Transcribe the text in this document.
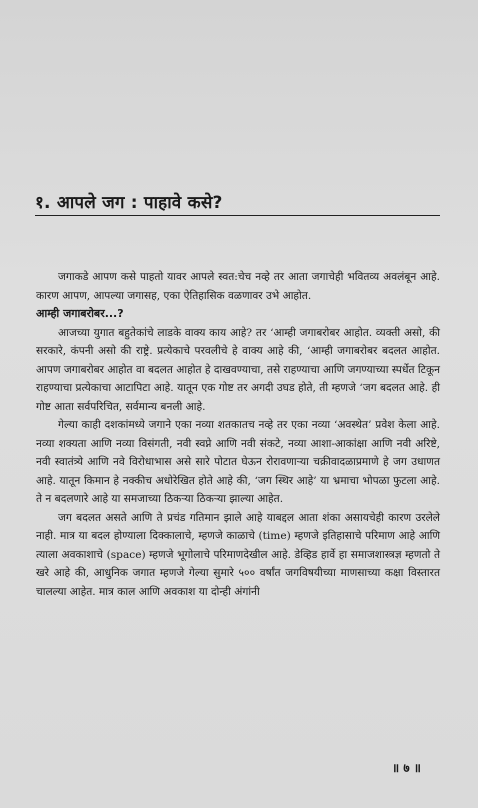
१. आपले जग : पाहावे कसे?

जगाकडे आपण कसे पाहतो यावर आपले स्वत:चेच नव्हे तर आता जगाचेही भवितव्य अवलंबून आहे. कारण आपण, आपल्या जगासह, एका ऐतिहासिक वळणावर उभे आहोत.

आम्ही जगाबरोबर...?

आजच्या युगात बहुतेकांचे लाडके वाक्य काय आहे? तर ‘आम्ही जगाबरोबर आहोत. व्यक्ती असो, की सरकारे, कंपनी असो की राष्ट्रे. प्रत्येकाचे परवलीचे हे वाक्य आहे की, ‘आम्ही जगाबरोबर बदलत आहोत. आपण जगाबरोबर आहोत वा बदलत आहोत हे दाखवण्याचा, तसे राहण्याचा आणि जगण्याच्या स्पर्धेत टिकून राहण्याचा प्रत्येकाचा आटापिटा आहे. यातून एक गोष्ट तर अगदी उघड होते, ती म्हणजे ‘जग बदलत आहे. ही गोष्ट आता सर्वपरिचित, सर्वमान्य बनली आहे.

गेल्या काही दशकांमध्ये जगाने एका नव्या शतकातच नव्हे तर एका नव्या ‘अवस्थेत’ प्रवेश केला आहे. नव्या शक्यता आणि नव्या विसंगती, नवी स्वप्ने आणि नवी संकटे, नव्या आशा-आकांक्षा आणि नवी अरिष्टे, नवी स्वातंत्र्ये आणि नवे विरोधाभास असे सारे पोटात घेऊन रोरावणाऱ्या चक्रीवादळाप्रमाणे हे जग उधाणत आहे. यातून किमान हे नक्कीच अधोरेखित होते आहे की, ‘जग स्थिर आहे’ या भ्रमाचा भोपळा फुटला आहे. ते न बदलणारे आहे या समजाच्या ठिकऱ्या ठिकऱ्या झाल्या आहेत.

जग बदलत असते आणि ते प्रचंड गतिमान झाले आहे याबद्दल आता शंका असायचेही कारण उरलेले नाही. मात्र या बदल होण्याला दिक्कालाचे, म्हणजे काळाचे (time) म्हणजे इतिहासाचे परिमाण आहे आणि त्याला अवकाशाचे (space) म्हणजे भूगोलाचे परिमाणदेखील आहे. डेव्हिड हार्वे हा समाजशास्त्रज्ञ म्हणतो ते खरे आहे की, आधुनिक जगात म्हणजे गेल्या सुमारे ५०० वर्षांत जगविषयीच्या माणसाच्या कक्षा विस्तारत चालल्या आहेत. मात्र काल आणि अवकाश या दोन्ही अंगांनी

॥ ७ ॥
